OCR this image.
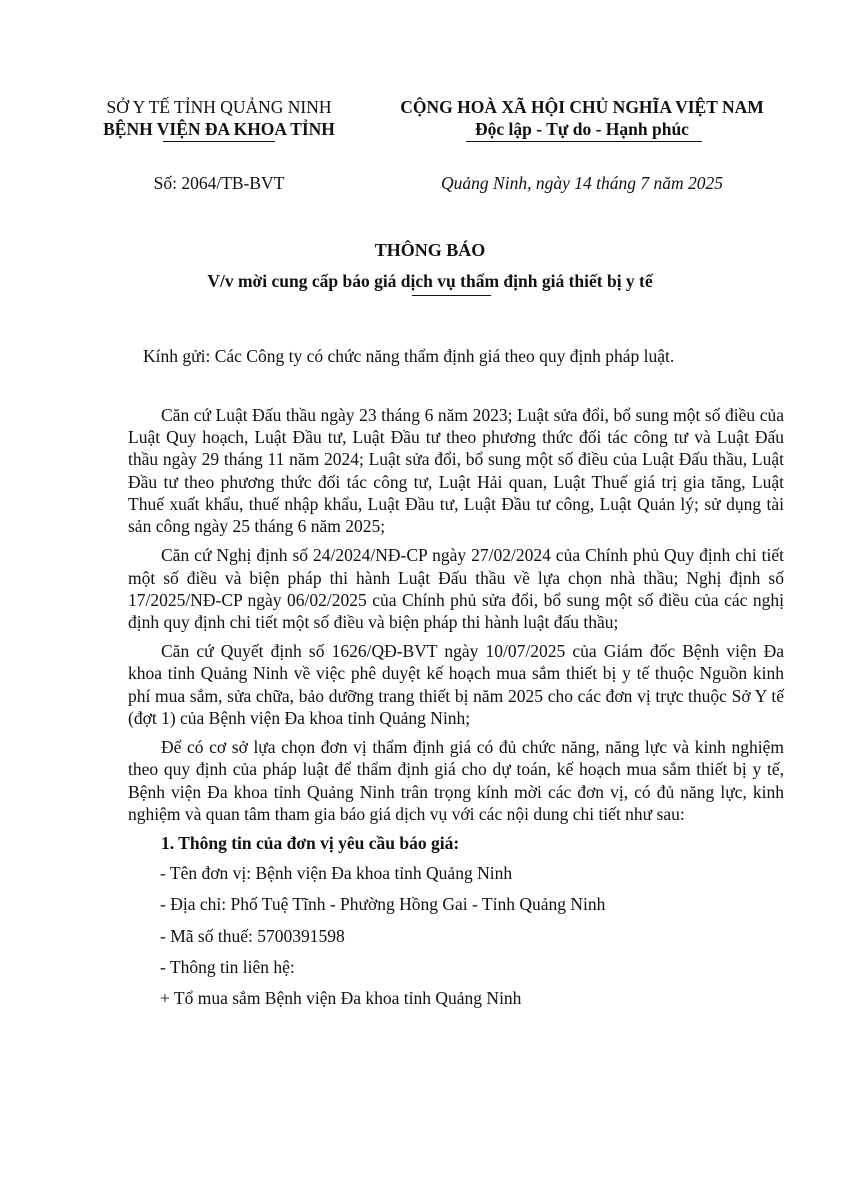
SỞ Y TẾ TỈNH QUẢNG NINH
BỆNH VIỆN ĐA KHOA TỈNH
CỘNG HOÀ XÃ HỘI CHỦ NGHĨA VIỆT NAM
Độc lập - Tự do - Hạnh phúc
Số: 2064/TB-BVT	Quảng Ninh, ngày 14 tháng 7 năm 2025
THÔNG BÁO
V/v mời cung cấp báo giá dịch vụ thẩm định giá thiết bị y tế
Kính gửi: Các Công ty có chức năng thẩm định giá theo quy định pháp luật.

Căn cứ Luật Đấu thầu ngày 23 tháng 6 năm 2023; Luật sửa đổi, bổ sung một số điều của Luật Quy hoạch, Luật Đầu tư, Luật Đầu tư theo phương thức đối tác công tư và Luật Đấu thầu ngày 29 tháng 11 năm 2024; Luật sửa đổi, bổ sung một số điều của Luật Đấu thầu, Luật Đầu tư theo phương thức đối tác công tư, Luật Hải quan, Luật Thuế giá trị gia tăng, Luật Thuế xuất khẩu, thuế nhập khẩu, Luật Đầu tư, Luật Đầu tư công, Luật Quản lý; sử dụng tài sản công ngày 25 tháng 6 năm 2025;

Căn cứ Nghị định số 24/2024/NĐ-CP ngày 27/02/2024 của Chính phủ Quy định chi tiết một số điều và biện pháp thi hành Luật Đấu thầu về lựa chọn nhà thầu; Nghị định số 17/2025/NĐ-CP ngày 06/02/2025 của Chính phủ sửa đổi, bổ sung một số điều của các nghị định quy định chi tiết một số điều và biện pháp thi hành luật đấu thầu;

Căn cứ Quyết định số 1626/QĐ-BVT ngày 10/07/2025 của Giám đốc Bệnh viện Đa khoa tỉnh Quảng Ninh về việc phê duyệt kế hoạch mua sắm thiết bị y tế thuộc Nguồn kinh phí mua sắm, sửa chữa, bảo dưỡng trang thiết bị năm 2025 cho các đơn vị trực thuộc Sở Y tế (đợt 1) của Bệnh viện Đa khoa tỉnh Quảng Ninh;

Để có cơ sở lựa chọn đơn vị thẩm định giá có đủ chức năng, năng lực và kinh nghiệm theo quy định của pháp luật để thẩm định giá cho dự toán, kế hoạch mua sắm thiết bị y tế, Bệnh viện Đa khoa tỉnh Quảng Ninh trân trọng kính mời các đơn vị, có đủ năng lực, kinh nghiệm và quan tâm tham gia báo giá dịch vụ với các nội dung chi tiết như sau:

1. Thông tin của đơn vị yêu cầu báo giá:

- Tên đơn vị: Bệnh viện Đa khoa tỉnh Quảng Ninh
- Địa chỉ: Phố Tuệ Tĩnh - Phường Hồng Gai - Tỉnh Quảng Ninh
- Mã số thuế: 5700391598
- Thông tin liên hệ:
+ Tổ mua sắm Bệnh viện Đa khoa tỉnh Quảng Ninh
